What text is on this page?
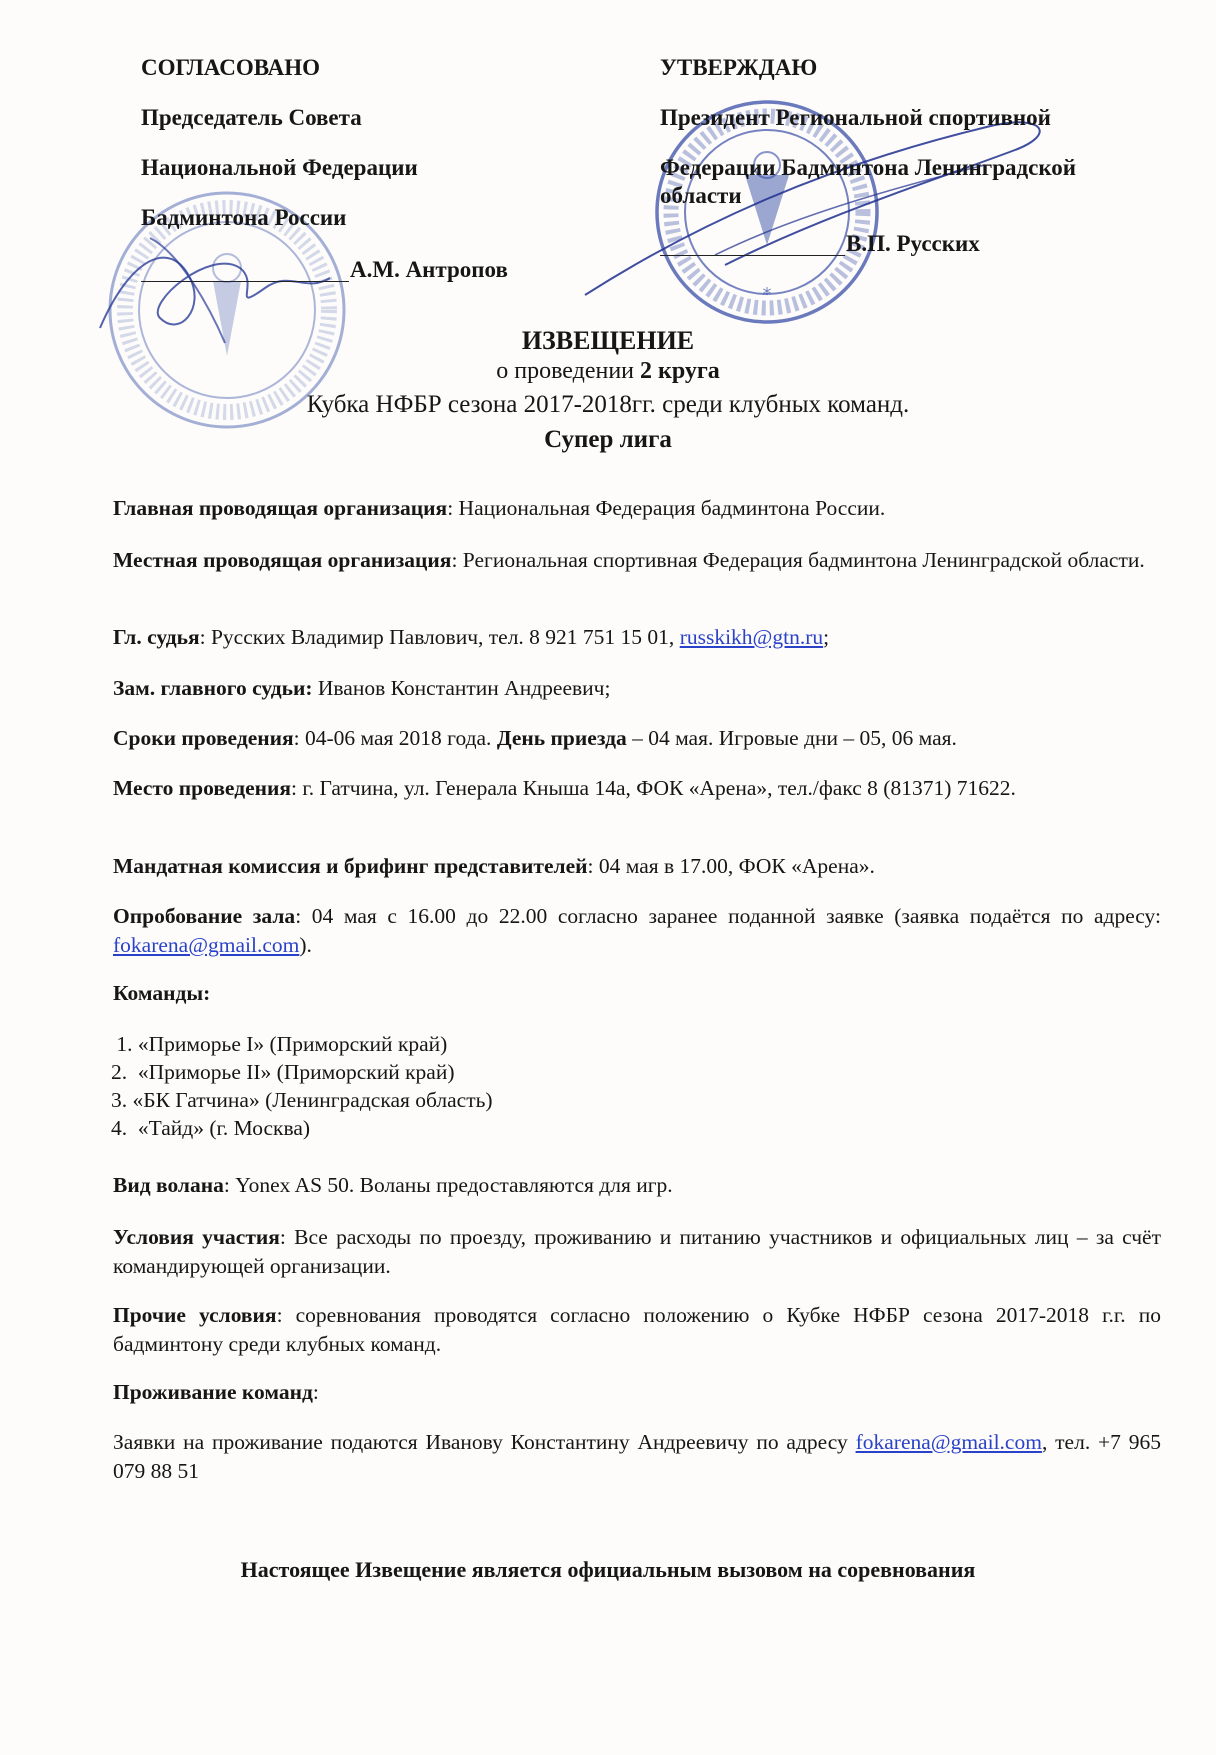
*
СОГЛАСОВАНО
Председатель Совета
Национальной Федерации
Бадминтона России
А.М. Антропов
УТВЕРЖДАЮ
Президент Региональной спортивной
Федерации Бадминтона Ленинградской
области
В.П. Русских
ИЗВЕЩЕНИЕ
о проведении 2 круга
Кубка НФБР сезона 2017-2018гг. среди клубных команд.
Супер лига
Главная проводящая организация: Национальная Федерация бадминтона России.
Местная проводящая организация: Региональная спортивная Федерация бадминтона Ленинградской области.
Гл. судья: Русских Владимир Павлович, тел. 8 921 751 15 01, russkikh@gtn.ru;
Зам. главного судьи: Иванов Константин Андреевич;
Сроки проведения: 04-06 мая 2018 года. День приезда – 04 мая. Игровые дни – 05, 06 мая.
Место проведения: г. Гатчина, ул. Генерала Кныша 14а, ФОК «Арена», тел./факс 8 (81371) 71622.
Мандатная комиссия и брифинг представителей: 04 мая в 17.00, ФОК «Арена».
Опробование зала: 04 мая с 16.00 до 22.00 согласно заранее поданной заявке (заявка подаётся по адресу: fokarena@gmail.com).
Команды:
1. «Приморье I» (Приморский край)
2.  «Приморье II» (Приморский край)
3. «БК Гатчина» (Ленинградская область)
4.  «Тайд» (г. Москва)
Вид волана: Yonex AS 50. Воланы предоставляются для игр.
Условия участия: Все расходы по проезду, проживанию и питанию участников и официальных лиц – за счёт командирующей организации.
Прочие условия: соревнования проводятся согласно положению о Кубке НФБР сезона 2017-2018 г.г. по бадминтону среди клубных команд.
Проживание команд:
Заявки на проживание подаются Иванову Константину Андреевичу по адресу fokarena@gmail.com, тел. +7 965 079 88 51
Настоящее Извещение является официальным вызовом на соревнования
